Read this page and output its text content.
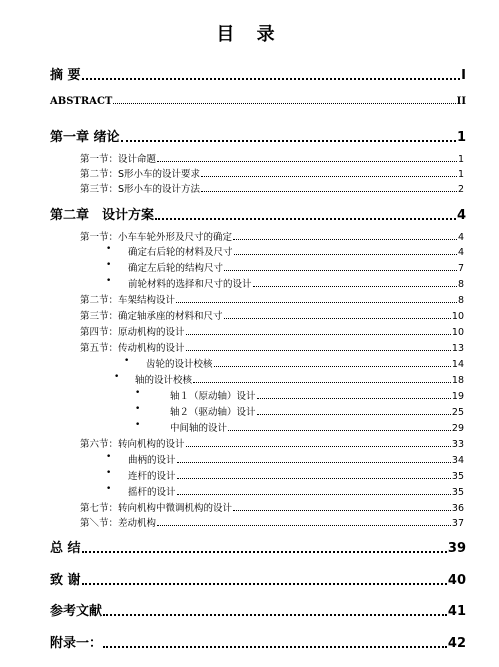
目 录
摘 要	I
ABSTRACT	II
第一章 绪论	1
第一节：设计命题	1
第二节：S形小车的设计要求	1
第三节：S形小车的设计方法	2
第二章　设计方案	4
第一节：小车车轮外形及尺寸的确定	4
• 确定右后轮的材料及尺寸	4
• 确定左后轮的结构尺寸	7
• 前轮材料的选择和尺寸的设计	8
第二节：车架结构设计	8
第三节：确定轴承座的材料和尺寸	10
第四节：原动机构的设计	10
第五节：传动机构的设计	13
• 齿轮的设计校核	14
• 轴的设计校核	18
•	轴１（原动轴）设计	19
•	轴２（驱动轴）设计	25
•	中间轴的设计	29
第六节：转向机构的设计	33
• 曲柄的设计	34
• 连杆的设计	35
• 摇杆的设计	35
第七节：转向机构中微调机构的设计	36
第＼节：差动机构	37
总 结	39
致 谢	40
参考文献	41
附录一：	42
